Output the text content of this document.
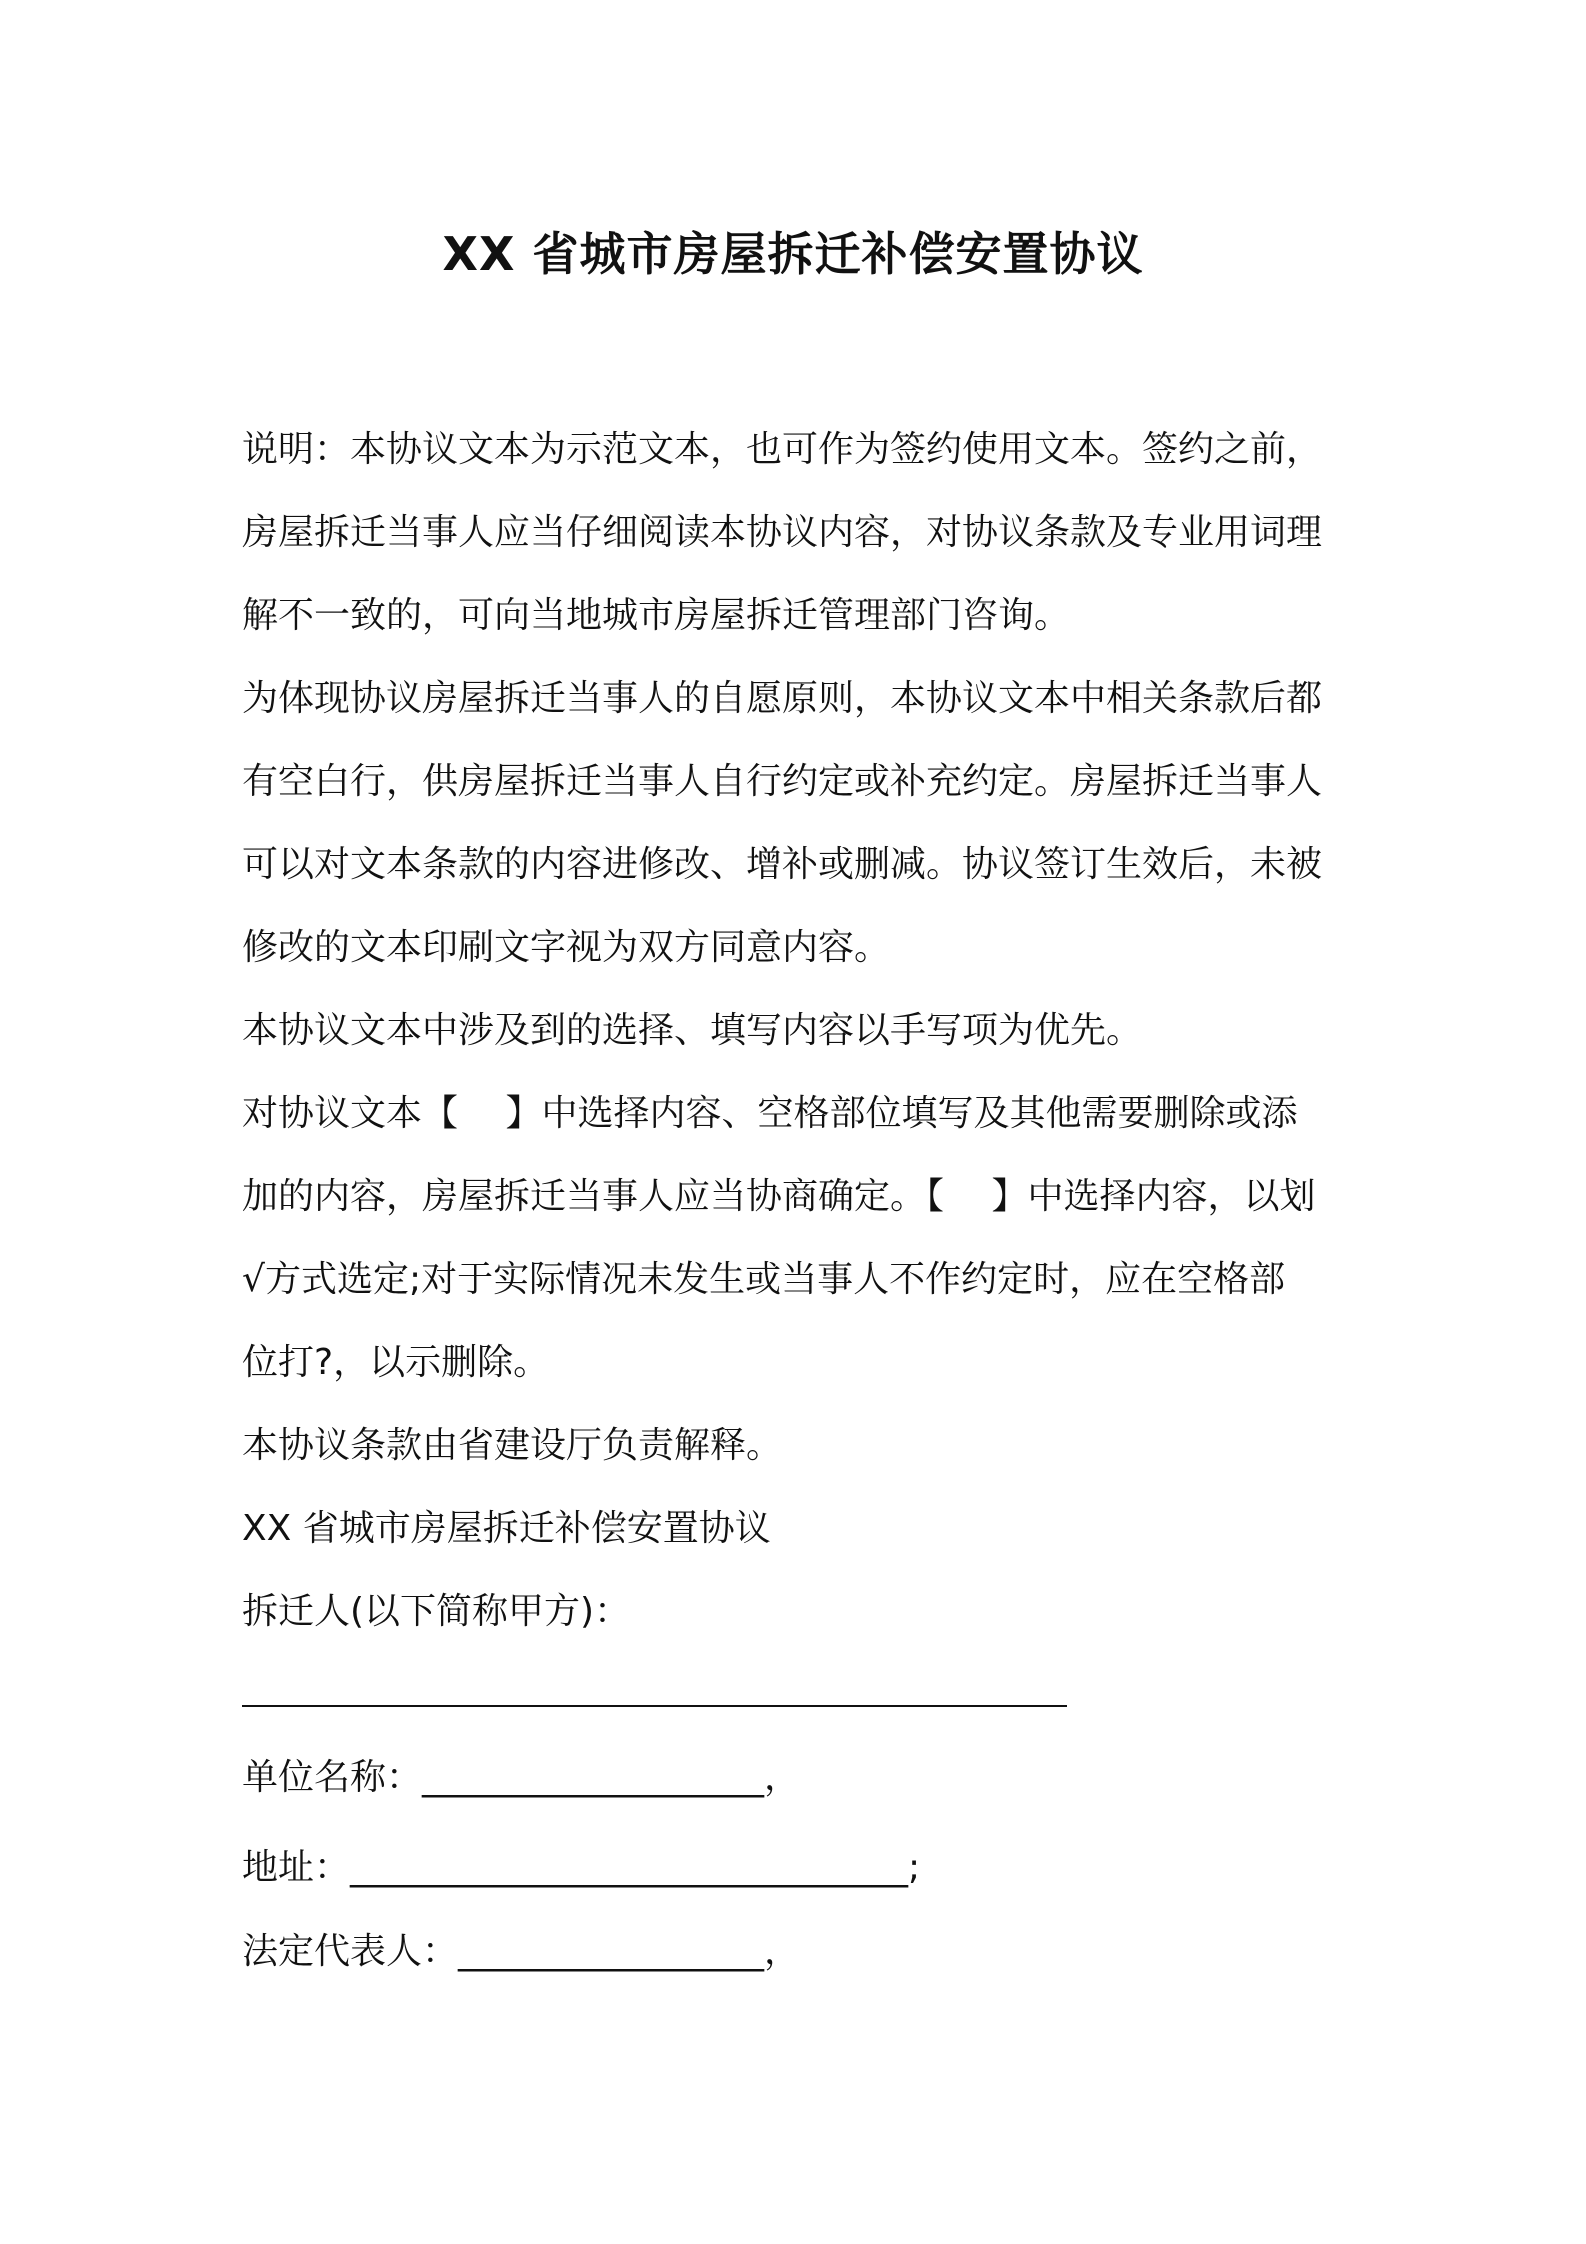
XX 省城市房屋拆迁补偿安置协议
说明：本协议文本为示范文本，也可作为签约使用文本。签约之前，
房屋拆迁当事人应当仔细阅读本协议内容，对协议条款及专业用词理
解不一致的，可向当地城市房屋拆迁管理部门咨询。
为体现协议房屋拆迁当事人的自愿原则，本协议文本中相关条款后都
有空白行，供房屋拆迁当事人自行约定或补充约定。房屋拆迁当事人
可以对文本条款的内容进修改、增补或删减。协议签订生效后，未被
修改的文本印刷文字视为双方同意内容。
本协议文本中涉及到的选择、填写内容以手写项为优先。
对协议文本【　 】中选择内容、空格部位填写及其他需要删除或添
加的内容，房屋拆迁当事人应当协商确定。【　 】中选择内容，以划
√方式选定;对于实际情况未发生或当事人不作约定时，应在空格部
位打?，以示删除。
本协议条款由省建设厅负责解释。
XX 省城市房屋拆迁补偿安置协议
拆迁人(以下简称甲方)：
单位名称：___________________，
地址：_______________________________;
法定代表人：_________________，
